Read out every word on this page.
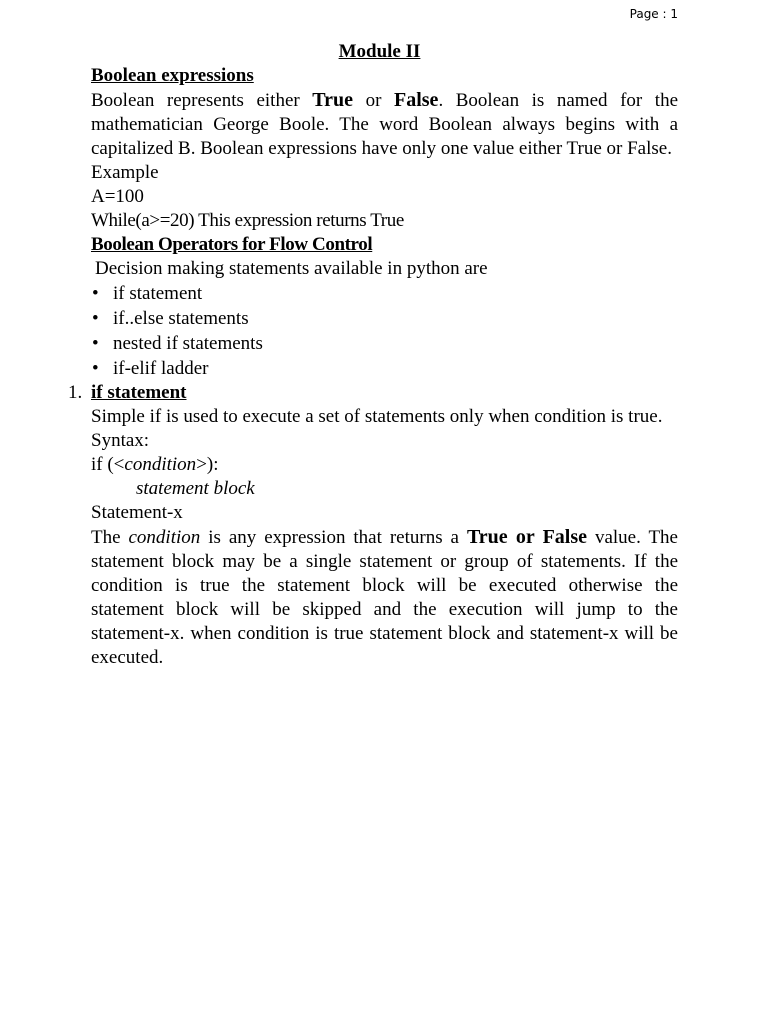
Page : 1
Module II
Boolean expressions
Boolean represents either True or False. Boolean is named for the mathematician George Boole. The word Boolean always begins with a capitalized B. Boolean expressions have only one value either True or False.
Example
A=100
While(a>=20) This expression returns True
Boolean Operators for Flow Control
Decision making statements available in python are
• if statement
• if..else statements
• nested if statements
• if-elif ladder
1. if statement
Simple if is used to execute a set of statements only when condition is true.
Syntax:
if (<condition>):
statement block
Statement-x
The condition is any expression that returns a True or False value. The statement block may be a single statement or group of statements. If the condition is true the statement block will be executed otherwise the statement block will be skipped and the execution will jump to the statement-x. when condition is true statement block and statement-x will be executed.
